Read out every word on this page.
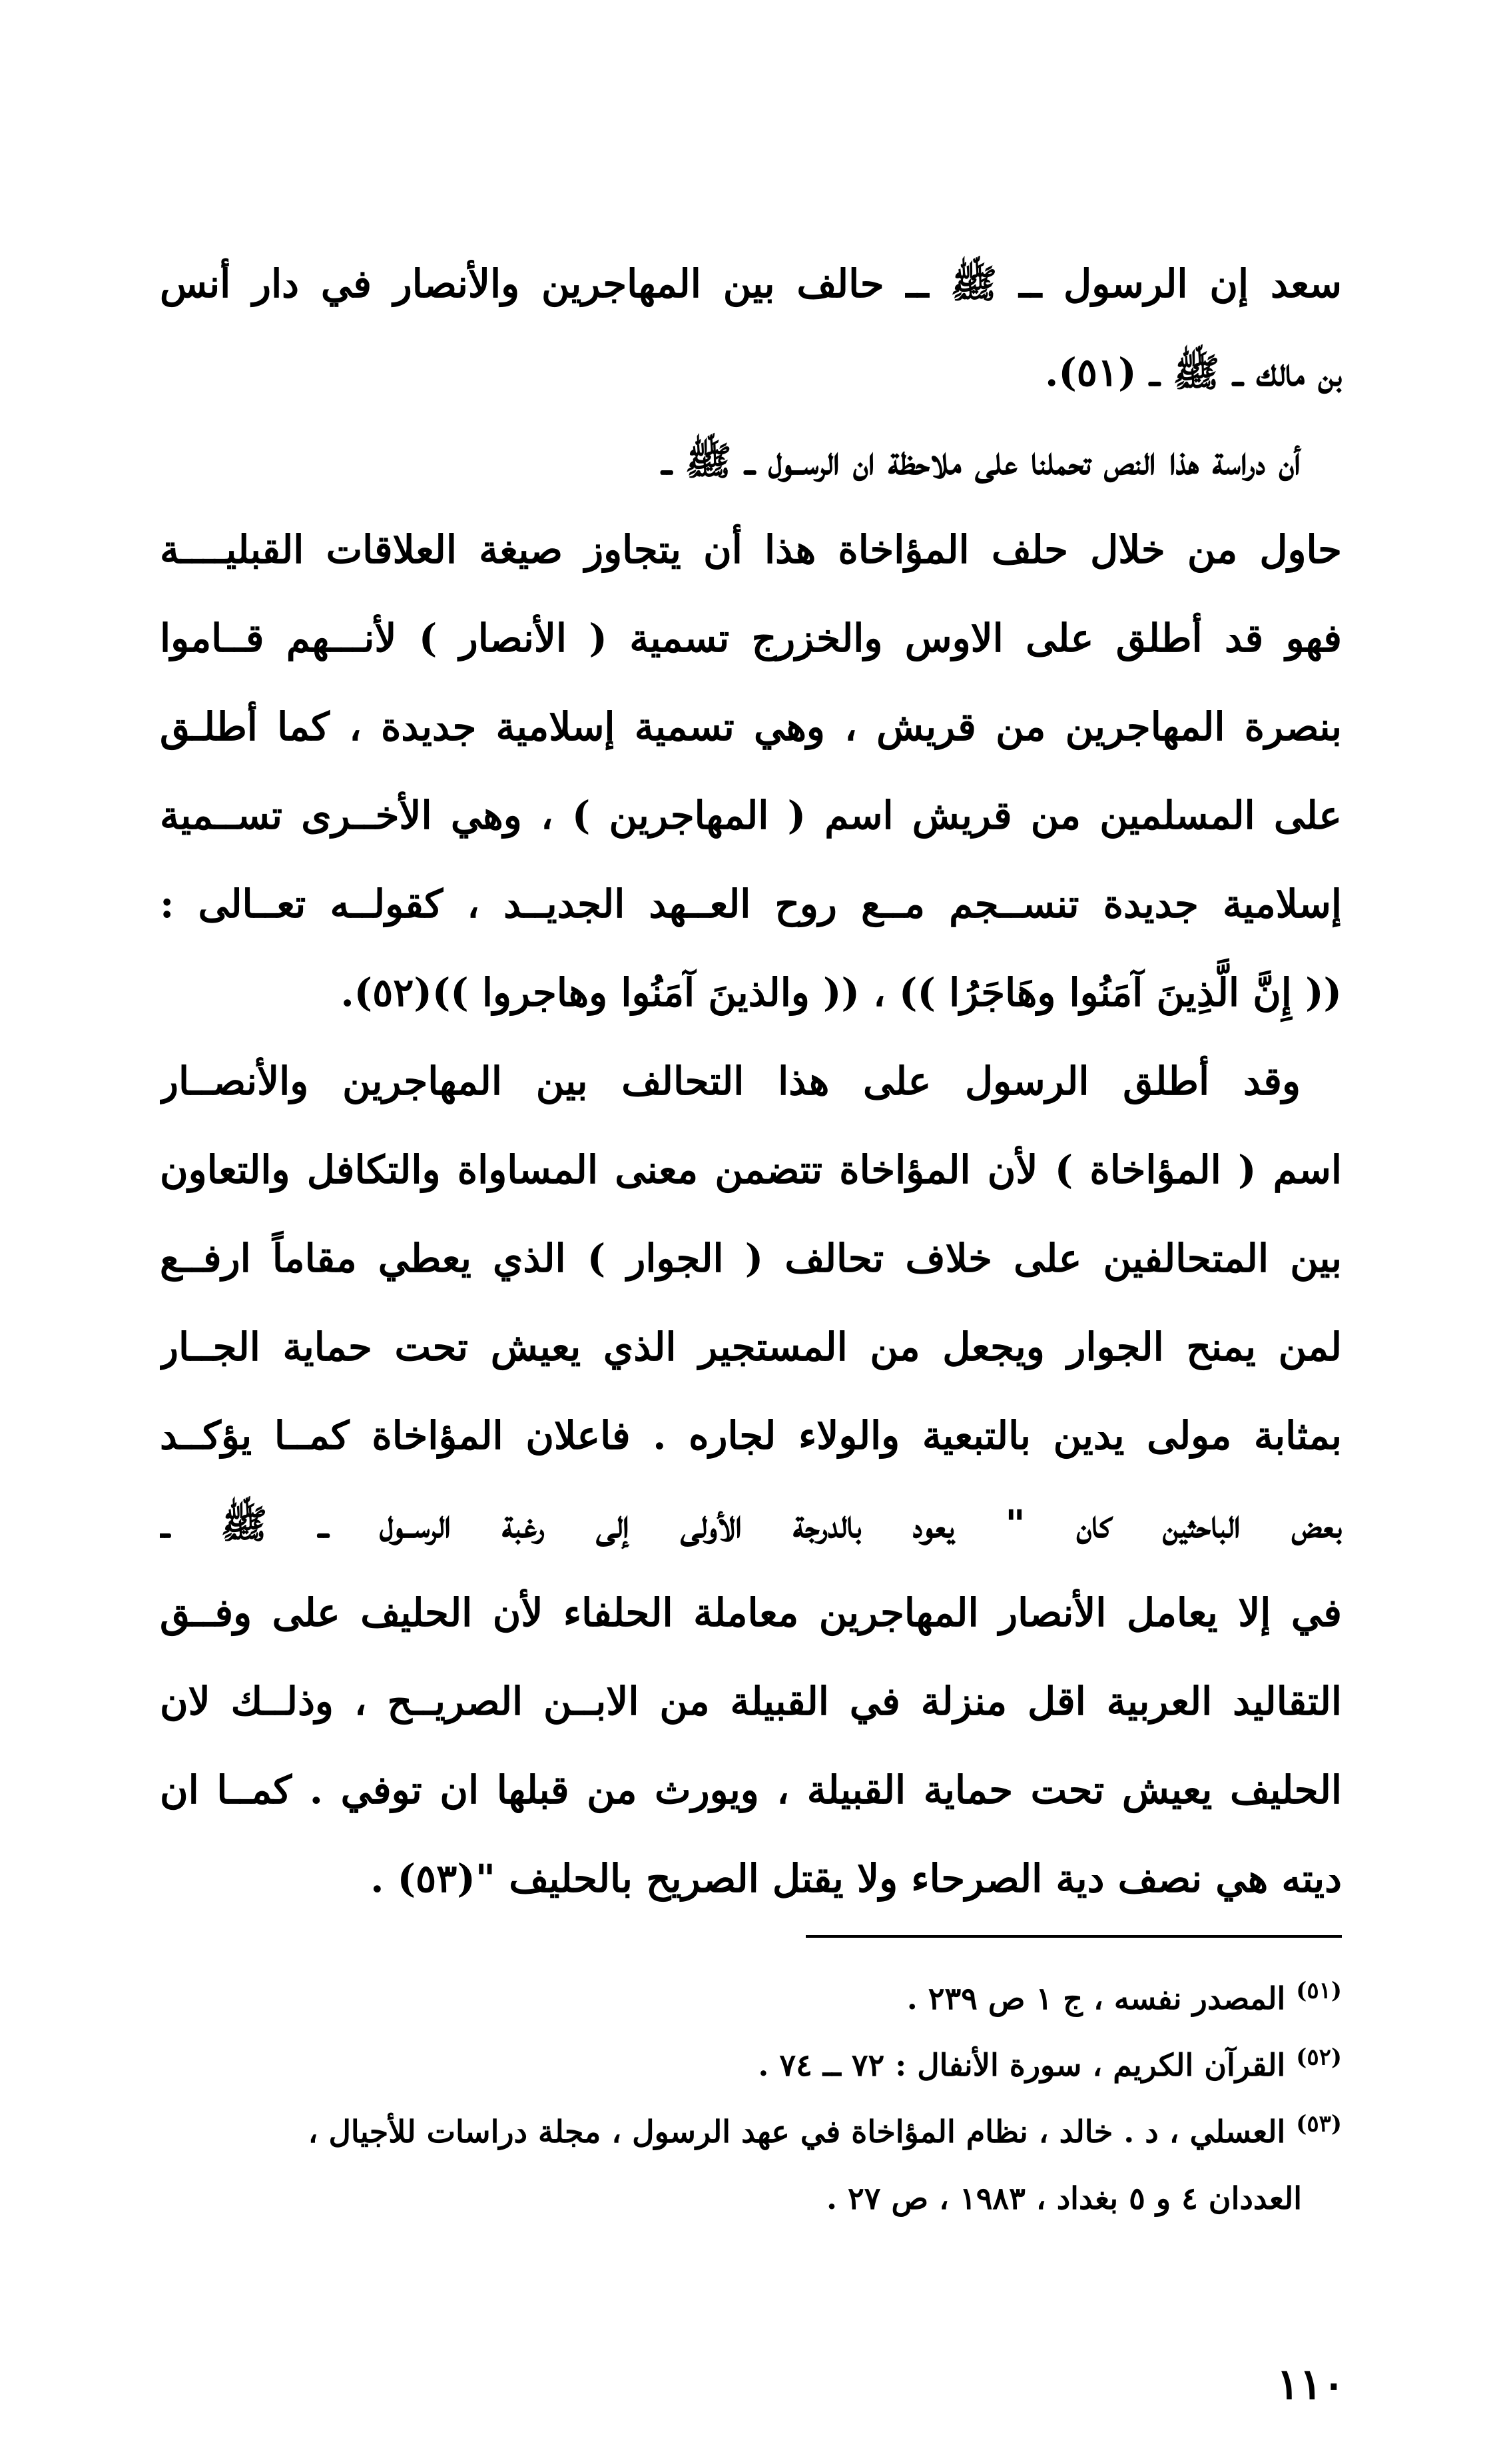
سعد إن الرسول ــ ﷺ ــ حالف بين المهاجرين والأنصار في دار أنس
بن مالك ــ ﷺ ــ (٥١).
أن دراسة هذا النص تحملنا على ملاحظة ان الرســول ــ ﷺ ــ
حاول من خلال حلف المؤاخاة هذا أن يتجاوز صيغة العلاقات القبليــــة
فهو قد أطلق على الاوس والخزرج تسمية ( الأنصار ) لأنـــهم قــاموا
بنصرة المهاجرين من قريش ، وهي تسمية إسلامية جديدة ، كما أطلـق
على المسلمين من قريش اسم ( المهاجرين ) ، وهي الأخــرى تســمية
إسلامية جديدة تنســجم مــع روح العــهد الجديــد ، كقولــه تعــالى :
(( إِنَّ الَّذِينَ آمَنُوا وهَاجَرُا )) ، (( والذينَ آمَنُوا وهاجروا ))(٥٢).
وقد أطلق الرسول على هذا التحالف بين المهاجرين والأنصــار
اسم ( المؤاخاة ) لأن المؤاخاة تتضمن معنى المساواة والتكافل والتعاون
بين المتحالفين على خلاف تحالف ( الجوار ) الذي يعطي مقاماً ارفــع
لمن يمنح الجوار ويجعل من المستجير الذي يعيش تحت حماية الجــار
بمثابة مولى يدين بالتبعية والولاء لجاره . فاعلان المؤاخاة كمــا يؤكــد
بعض الباحثين كان " يعود بالدرجة الأولى إلى رغبة الرســول ــ ﷺ ــ
في إلا يعامل الأنصار المهاجرين معاملة الحلفاء لأن الحليف على وفــق
التقاليد العربية اقل منزلة في القبيلة من الابــن الصريــح ، وذلــك لان
الحليف يعيش تحت حماية القبيلة ، ويورث من قبلها ان توفي . كمــا ان
ديته هي نصف دية الصرحاء ولا يقتل الصريح بالحليف "(٥٣) .
$^{(٥١)}$ المصدر نفسه ، ج ١ ص ٢٣٩ .
$^{(٥٢)}$ القرآن الكريم ، سورة الأنفال : ٧٢ ــ ٧٤ .
$^{(٥٣)}$ العسلي ، د . خالد ، نظام المؤاخاة في عهد الرسول ، مجلة دراسات للأجيال ،
العددان ٤ و ٥ بغداد ، ١٩٨٣ ، ص ٢٧ .
١١٠
